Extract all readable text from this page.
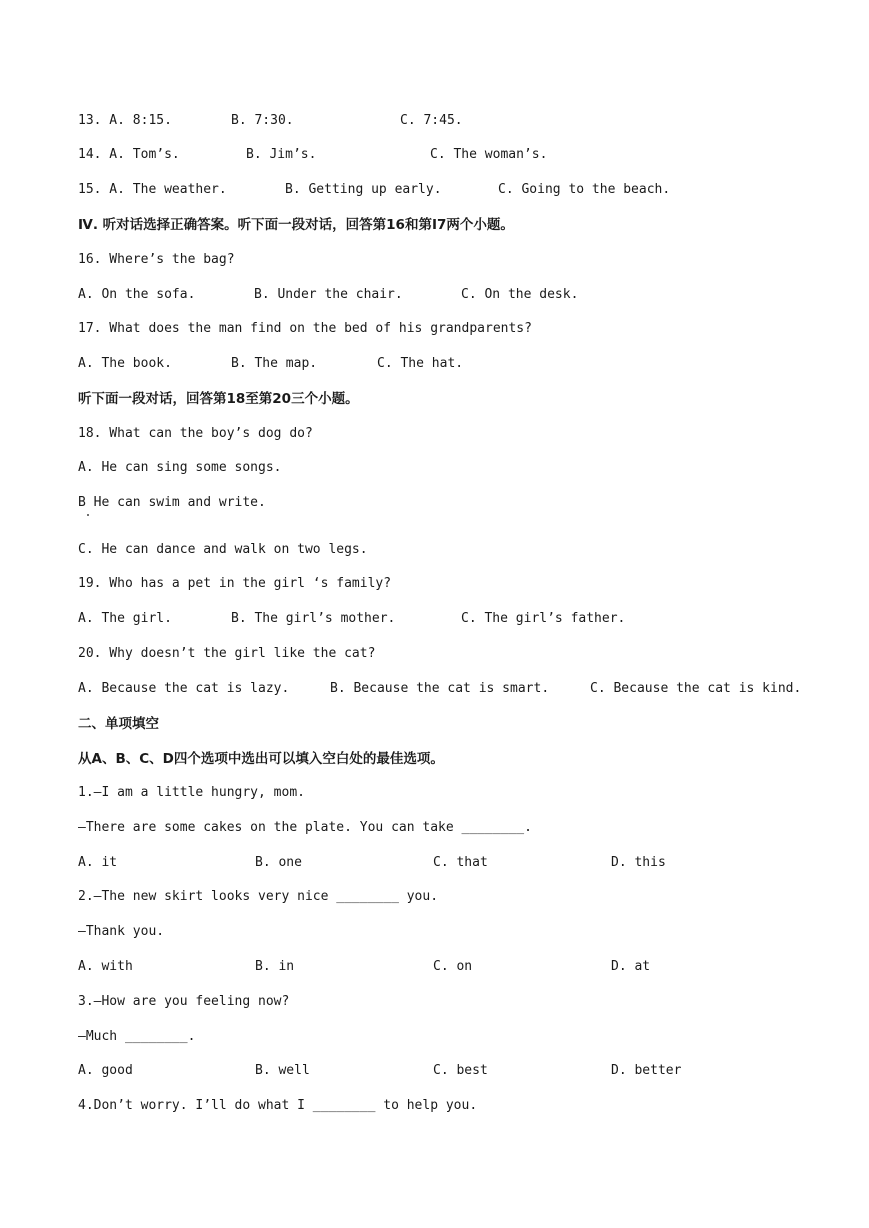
13. A. 8:15.

	B. 7:30.

	C. 7:45.

14. A. Tom’s.

	B. Jim’s.

	C. The woman’s.

15. A. The weather.

	B. Getting up early.

	C. Going to the beach.

Ⅳ. 听对话选择正确答案。听下面一段对话，回答第16和第I7两个小题。
16. Where’s the bag?

A. On the sofa.

	B. Under the chair.

	C. On the desk.

17. What does the man find on the bed of his grandparents?

A. The book.

	B. The map.

	C. The hat.

听下面一段对话，回答第18至第20三个小题。
18. What can the boy’s dog do?
A. He can sing some songs.
B He can swim and write.
C. He can dance and walk on two legs.
19. Who has a pet in the girl ‘s family?

A. The girl.

	B. The girl’s mother.

	C. The girl’s father.

20. Why doesn’t the girl like the cat?

A. Because the cat is lazy.

	B. Because the cat is smart.

	C. Because the cat is kind.

二、单项填空
从A、B、C、D四个选项中选出可以填入空白处的最佳选项。
1.—I am a little hungry, mom.
—There are some cakes on the plate. You can take ________.

A. it

	B. one

	C. that

	D. this

2.—The new skirt looks very nice ________ you.
—Thank you.

A. with

	B. in

	C. on

	D. at

3.—How are you feeling now?
—Much ________.

A. good

	B. well

	C. best

	D. better

4.Don’t worry. I’ll do what I ________ to help you.
